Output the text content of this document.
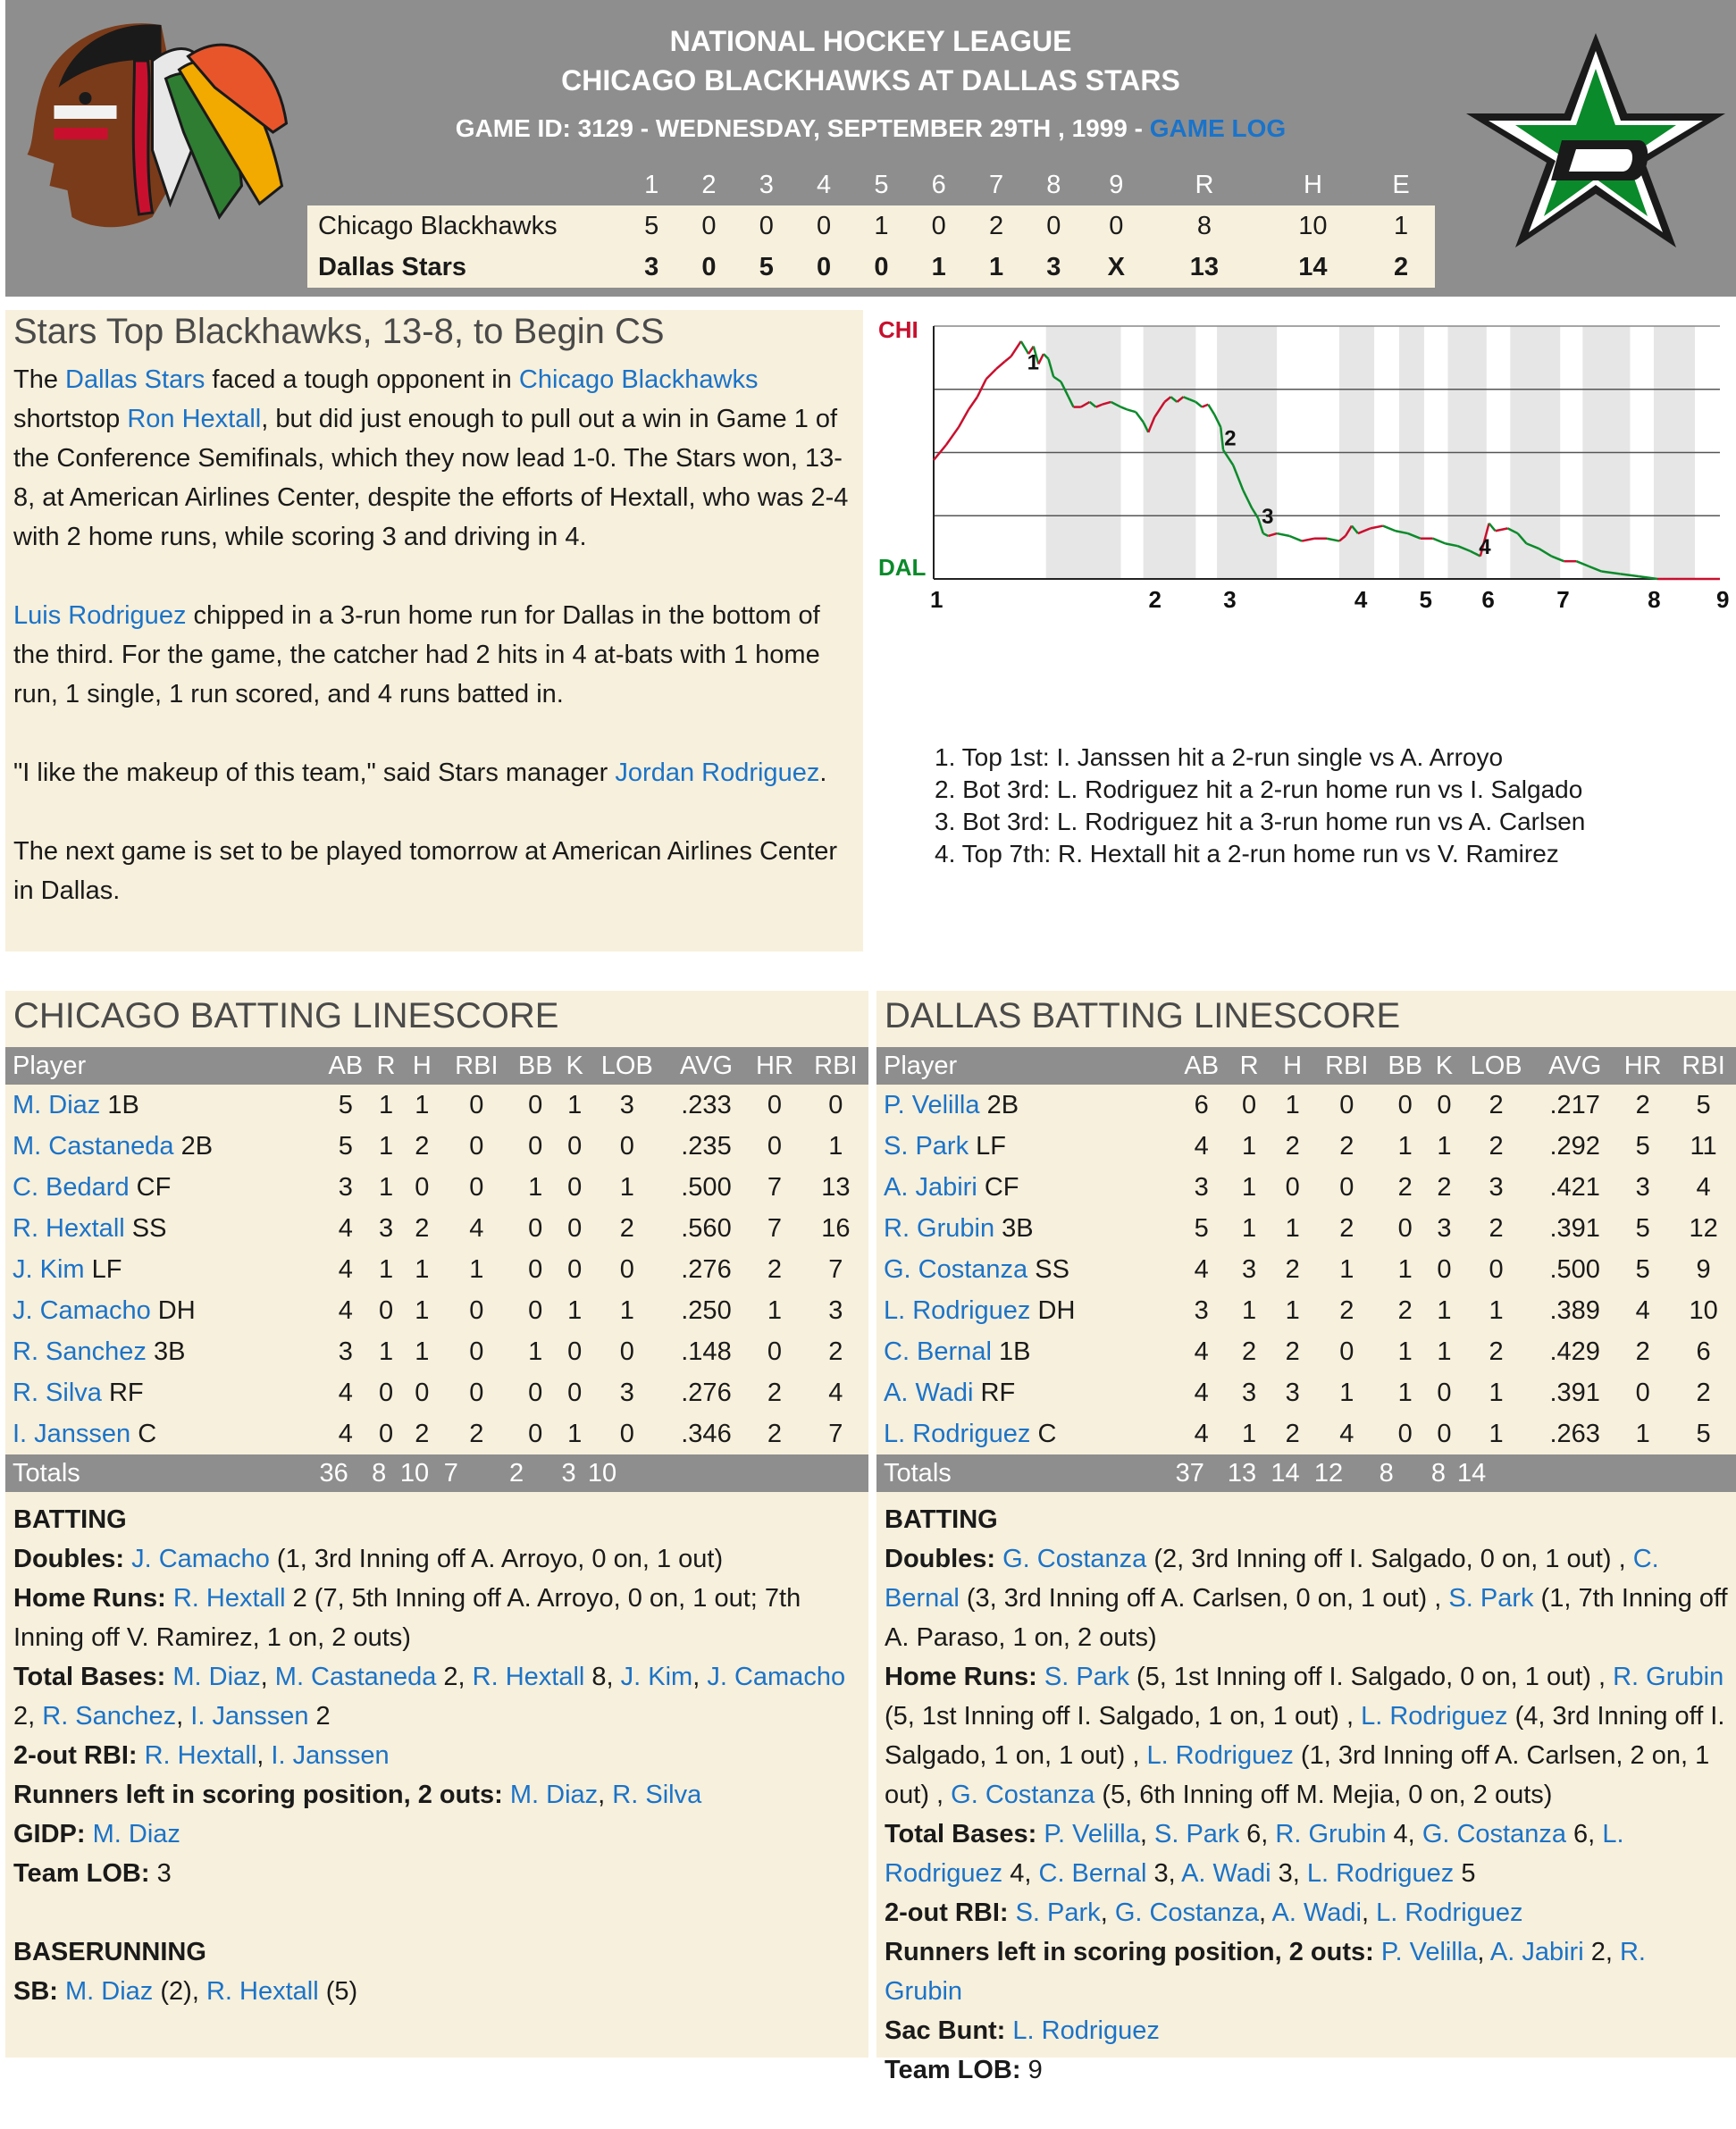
NATIONAL HOCKEY LEAGUE
CHICAGO BLACKHAWKS AT DALLAS STARS
GAME ID: 3129 - WEDNESDAY, SEPTEMBER 29TH , 1999 - GAME LOG
	1	2	3	4	5	6	7	8	9	R	H	E
Chicago Blackhawks	5	0	0	0	1	0	2	0	0	8	10	1
Dallas Stars	3	0	5	0	0	1	1	3	X	13	14	2
Stars Top Blackhawks, 13-8, to Begin CS

The Dallas Stars faced a tough opponent in Chicago Blackhawks shortstop Ron Hextall, but did just enough to pull out a win in Game 1 of the Conference Semifinals, which they now lead 1-0. The Stars won, 13-8, at American Airlines Center, despite the efforts of Hextall, who was 2-4 with 2 home runs, while scoring 3 and driving in 4.

Luis Rodriguez chipped in a 3-run home run for Dallas in the bottom of the third. For the game, the catcher had 2 hits in 4 at-bats with 1 home run, 1 single, 1 run scored, and 4 runs batted in.

"I like the makeup of this team," said Stars manager Jordan Rodriguez.

The next game is set to be played tomorrow at American Airlines Center in Dallas.

1
2
3
4
CHI
DAL
1	2	3	4 5 6	7	8 9
1. Top 1st: I. Janssen hit a 2-run single vs A. Arroyo
2. Bot 3rd: L. Rodriguez hit a 2-run home run vs I. Salgado
3. Bot 3rd: L. Rodriguez hit a 3-run home run vs A. Carlsen
4. Top 7th: R. Hextall hit a 2-run home run vs V. Ramirez
CHICAGO BATTING LINESCORE
Player	AB	R	H	RBI	BB	K	LOB	AVG	HR	RBI
M. Diaz 1B	5	1	1	0	0	1	3	.233	0	0
M. Castaneda 2B	5	1	2	0	0	0	0	.235	0	1
C. Bedard CF	3	1	0	0	1	0	1	.500	7	13
R. Hextall SS	4	3	2	4	0	0	2	.560	7	16
J. Kim LF	4	1	1	1	0	0	0	.276	2	7
J. Camacho DH	4	0	1	0	0	1	1	.250	1	3
R. Sanchez 3B	3	1	1	0	1	0	0	.148	0	2
R. Silva RF	4	0	0	0	0	0	3	.276	2	4
I. Janssen C	4	0	2	2	0	1	0	.346	2	7
Totals	36	8	10	7	2	3	10			
BATTING
Doubles: J. Camacho (1, 3rd Inning off A. Arroyo, 0 on, 1 out)
Home Runs: R. Hextall 2 (7, 5th Inning off A. Arroyo, 0 on, 1 out; 7th Inning off V. Ramirez, 1 on, 2 outs)
Total Bases: M. Diaz, M. Castaneda 2, R. Hextall 8, J. Kim, J. Camacho 2, R. Sanchez, I. Janssen 2
2-out RBI: R. Hextall, I. Janssen
Runners left in scoring position, 2 outs: M. Diaz, R. Silva
GIDP: M. Diaz
Team LOB: 3
BASERUNNING
SB: M. Diaz (2), R. Hextall (5)
DALLAS BATTING LINESCORE
Player	AB	R	H	RBI	BB	K	LOB	AVG	HR	RBI
P. Velilla 2B	6	0	1	0	0	0	2	.217	2	5
S. Park LF	4	1	2	2	1	1	2	.292	5	11
A. Jabiri CF	3	1	0	0	2	2	3	.421	3	4
R. Grubin 3B	5	1	1	2	0	3	2	.391	5	12
G. Costanza SS	4	3	2	1	1	0	0	.500	5	9
L. Rodriguez DH	3	1	1	2	2	1	1	.389	4	10
C. Bernal 1B	4	2	2	0	1	1	2	.429	2	6
A. Wadi RF	4	3	3	1	1	0	1	.391	0	2
L. Rodriguez C	4	1	2	4	0	0	1	.263	1	5
Totals	37	13	14	12	8	8	14			
BATTING
Doubles: G. Costanza (2, 3rd Inning off I. Salgado, 0 on, 1 out) , C. Bernal (3, 3rd Inning off A. Carlsen, 0 on, 1 out) , S. Park (1, 7th Inning off A. Paraso, 1 on, 2 outs)
Home Runs: S. Park (5, 1st Inning off I. Salgado, 0 on, 1 out) , R. Grubin (5, 1st Inning off I. Salgado, 1 on, 1 out) , L. Rodriguez (4, 3rd Inning off I. Salgado, 1 on, 1 out) , L. Rodriguez (1, 3rd Inning off A. Carlsen, 2 on, 1 out) , G. Costanza (5, 6th Inning off M. Mejia, 0 on, 2 outs)
Total Bases: P. Velilla, S. Park 6, R. Grubin 4, G. Costanza 6, L. Rodriguez 4, C. Bernal 3, A. Wadi 3, L. Rodriguez 5
2-out RBI: S. Park, G. Costanza, A. Wadi, L. Rodriguez
Runners left in scoring position, 2 outs: P. Velilla, A. Jabiri 2, R. Grubin
Sac Bunt: L. Rodriguez
Team LOB: 9
